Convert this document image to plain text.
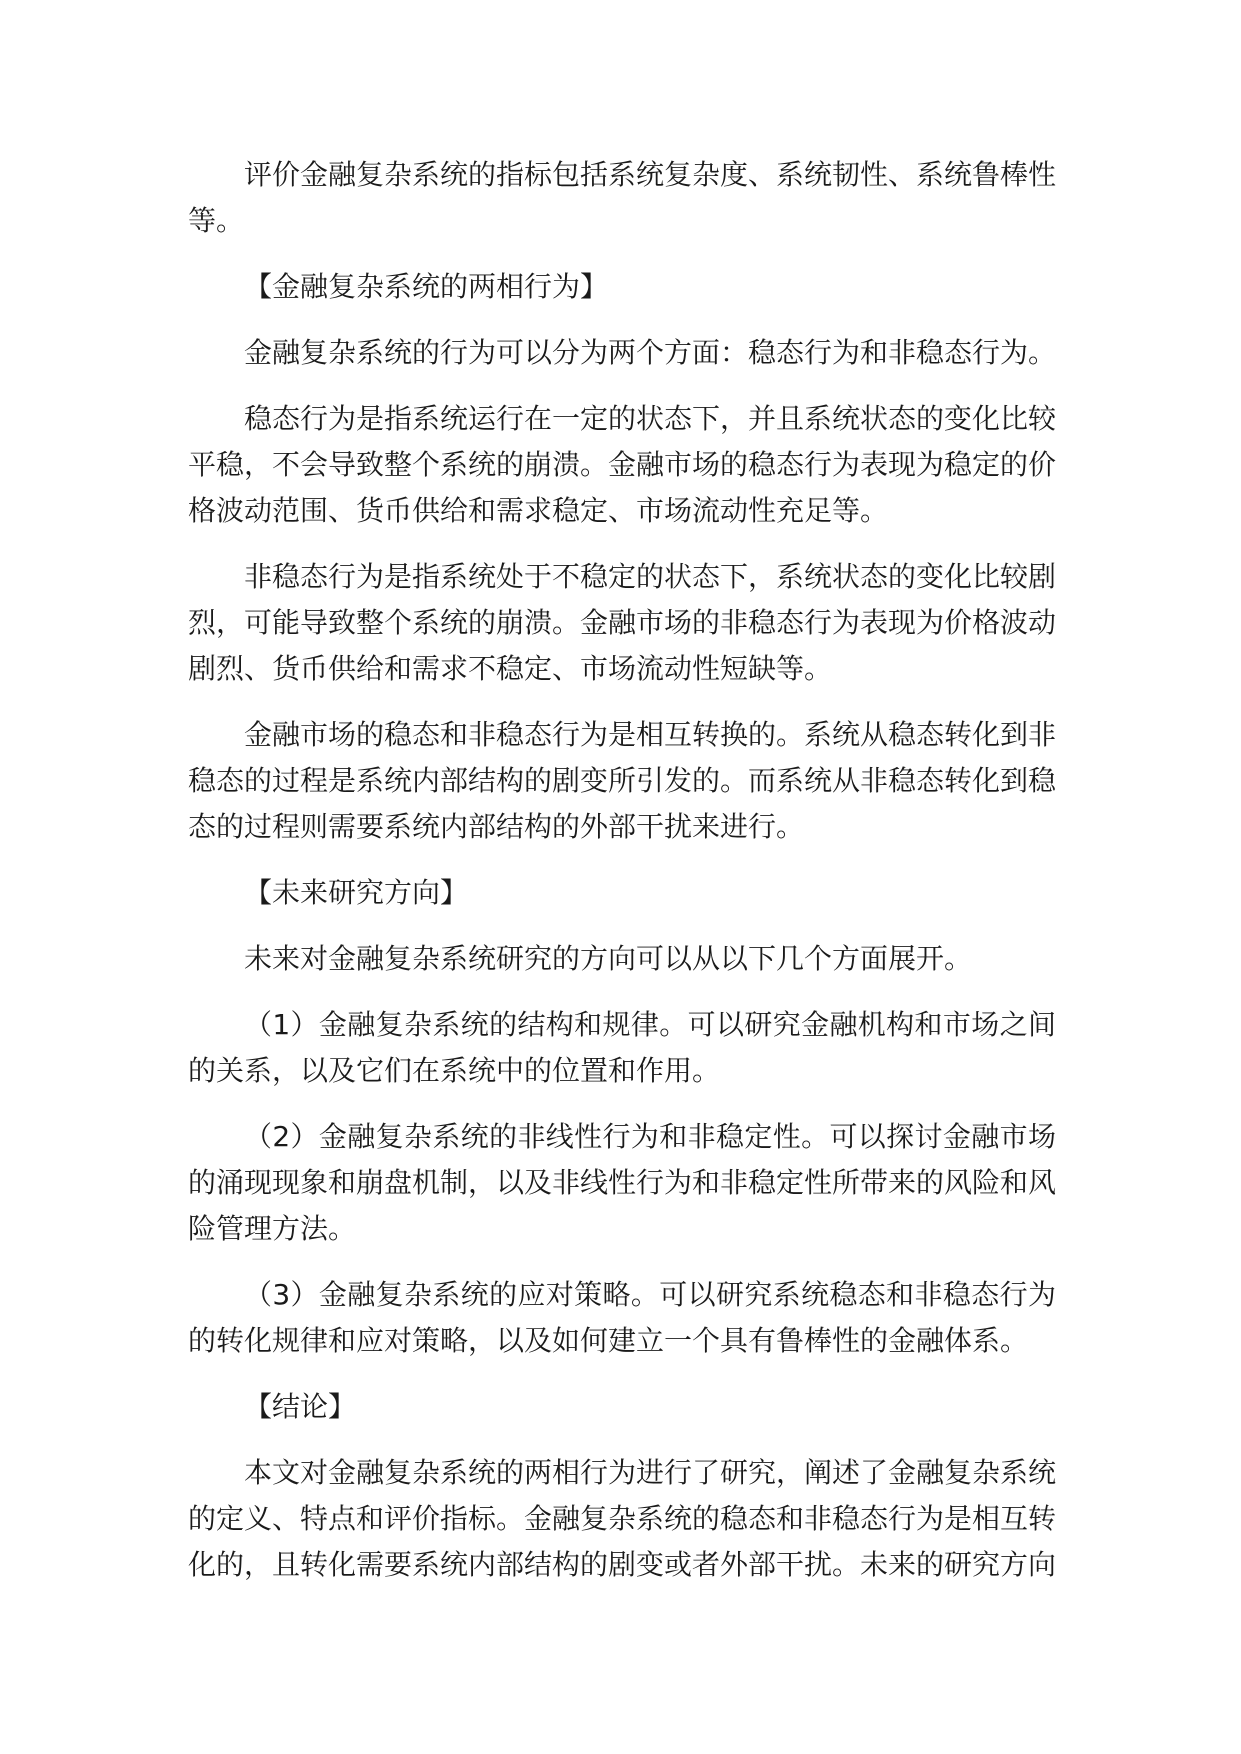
评价金融复杂系统的指标包括系统复杂度、系统韧性、系统鲁棒性等。

【金融复杂系统的两相行为】

金融复杂系统的行为可以分为两个方面：稳态行为和非稳态行为。

稳态行为是指系统运行在一定的状态下，并且系统状态的变化比较平稳，不会导致整个系统的崩溃。金融市场的稳态行为表现为稳定的价格波动范围、货币供给和需求稳定、市场流动性充足等。

非稳态行为是指系统处于不稳定的状态下，系统状态的变化比较剧烈，可能导致整个系统的崩溃。金融市场的非稳态行为表现为价格波动剧烈、货币供给和需求不稳定、市场流动性短缺等。

金融市场的稳态和非稳态行为是相互转换的。系统从稳态转化到非稳态的过程是系统内部结构的剧变所引发的。而系统从非稳态转化到稳态的过程则需要系统内部结构的外部干扰来进行。

【未来研究方向】

未来对金融复杂系统研究的方向可以从以下几个方面展开。

（1）金融复杂系统的结构和规律。可以研究金融机构和市场之间的关系，以及它们在系统中的位置和作用。

（2）金融复杂系统的非线性行为和非稳定性。可以探讨金融市场的涌现现象和崩盘机制，以及非线性行为和非稳定性所带来的风险和风险管理方法。

（3）金融复杂系统的应对策略。可以研究系统稳态和非稳态行为的转化规律和应对策略，以及如何建立一个具有鲁棒性的金融体系。

【结论】

本文对金融复杂系统的两相行为进行了研究，阐述了金融复杂系统的定义、特点和评价指标。金融复杂系统的稳态和非稳态行为是相互转化的，且转化需要系统内部结构的剧变或者外部干扰。未来的研究方向
